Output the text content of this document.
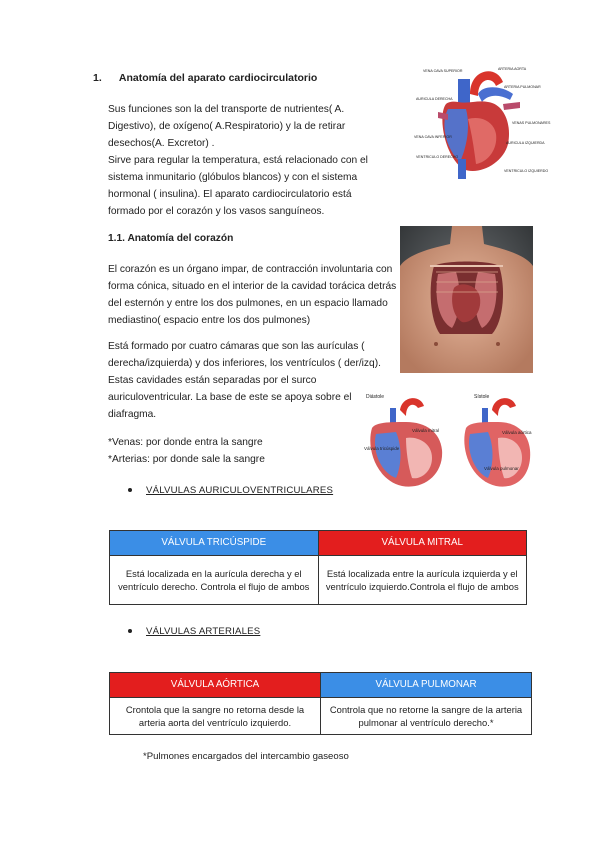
1. Anatomía del aparato cardiocirculatorio
Sus funciones son la del transporte de nutrientes( A.
Digestivo), de oxígeno( A.Respiratorio) y la de retirar
desechos(A. Excretor) .
Sirve para regular la temperatura, está relacionado con el
sistema inmunitario (glóbulos blancos) y con el sistema
hormonal ( insulina). El aparato cardiocirculatorio está
formado por el corazón y los vasos sanguíneos.
VENA CAVA SUPERIOR	ARTERIA AORTA
ARTERIA PULMONAR
AURICULA DERECHA
VENAS PULMONARES
VENA CAVA INFERIOR
AURICULA IZQUIERDA
VENTRICULO DERECHO
VENTRICULO IZQUIERDO
1.1. Anatomía del corazón
El corazón es un órgano impar, de contracción involuntaria con
forma cónica, situado en el interior de la cavidad torácica detrás
del esternón y entre los dos pulmones, en un espacio llamado
mediastino( espacio entre los dos pulmones)
Está formado por cuatro cámaras que son las aurículas (
derecha/izquierda) y dos inferiores, los ventrículos ( der/izq).
Estas cavidades están separadas por el surco
auriculoventricular. La base de este se apoya sobre el
diafragma.
*Venas: por donde entra la sangre
*Arterias: por donde sale la sangre
Diástole
Válvula mitral
Válvula tricúspide
Sístole
Válvula aórtica
Válvula pulmonar
VÁLVULAS AURICULOVENTRICULARES
VÁLVULA TRICÚSPIDE	VÁLVULA MITRAL
Está localizada en la aurícula derecha y el ventrículo derecho. Controla el flujo de ambos	Está localizada entre la aurícula izquierda y el ventrículo izquierdo.Controla el flujo de ambos
VÁLVULAS ARTERIALES
VÁLVULA AÓRTICA	VÁLVULA PULMONAR
Crontola que la sangre no retorna desde la arteria aorta del ventrículo izquierdo.	Controla que no retorne la sangre de la arteria pulmonar al ventrículo derecho.*
*Pulmones encargados del intercambio gaseoso
